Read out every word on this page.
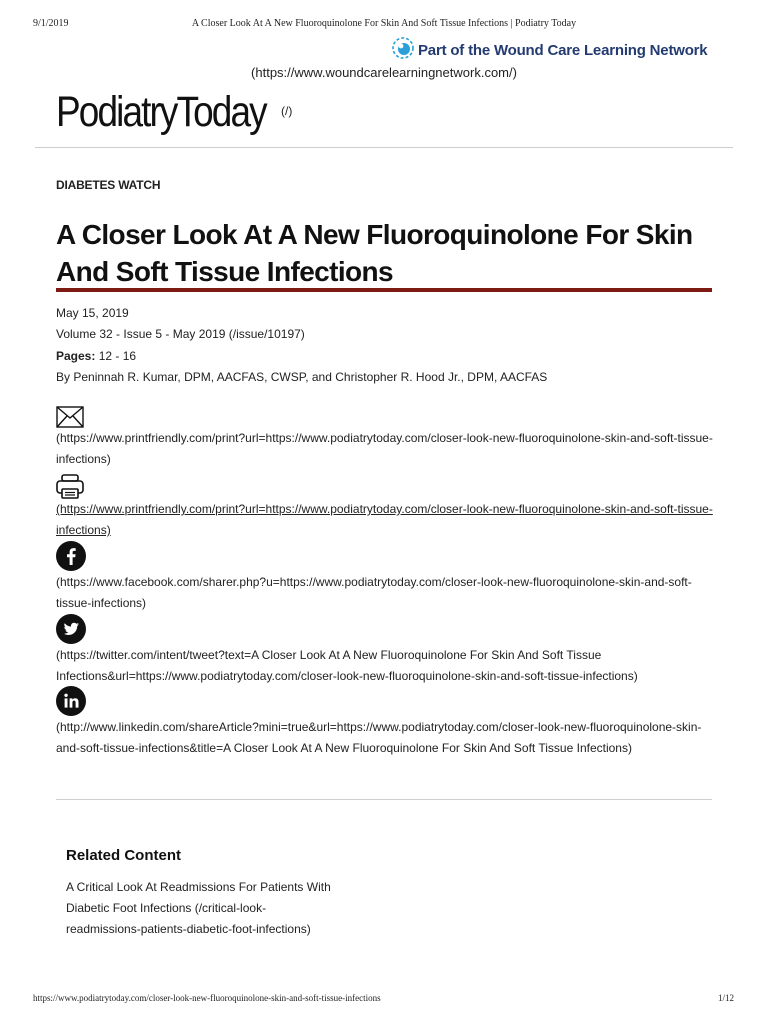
9/1/2019	A Closer Look At A New Fluoroquinolone For Skin And Soft Tissue Infections | Podiatry Today
Part of the Wound Care Learning Network
(https://www.woundcarelearningnetwork.com/)
PodiatryToday (/)
DIABETES WATCH
A Closer Look At A New Fluoroquinolone For Skin And Soft Tissue Infections
May 15, 2019
Volume 32 - Issue 5 - May 2019 (/issue/10197)
Pages: 12 - 16
By Peninnah R. Kumar, DPM, AACFAS, CWSP, and Christopher R. Hood Jr., DPM, AACFAS
(https://www.printfriendly.com/print?url=https://www.podiatrytoday.com/closer-look-new-fluoroquinolone-skin-and-soft-tissue-infections)
(https://www.printfriendly.com/print?url=https://www.podiatrytoday.com/closer-look-new-fluoroquinolone-skin-and-soft-tissue-infections)
(https://www.facebook.com/sharer.php?u=https://www.podiatrytoday.com/closer-look-new-fluoroquinolone-skin-and-soft-tissue-infections)
(https://twitter.com/intent/tweet?text=A Closer Look At A New Fluoroquinolone For Skin And Soft Tissue Infections&url=https://www.podiatrytoday.com/closer-look-new-fluoroquinolone-skin-and-soft-tissue-infections)
(http://www.linkedin.com/shareArticle?mini=true&url=https://www.podiatrytoday.com/closer-look-new-fluoroquinolone-skin-and-soft-tissue-infections&title=A Closer Look At A New Fluoroquinolone For Skin And Soft Tissue Infections)
Related Content
A Critical Look At Readmissions For Patients With Diabetic Foot Infections (/critical-look-readmissions-patients-diabetic-foot-infections)
https://www.podiatrytoday.com/closer-look-new-fluoroquinolone-skin-and-soft-tissue-infections	1/12
